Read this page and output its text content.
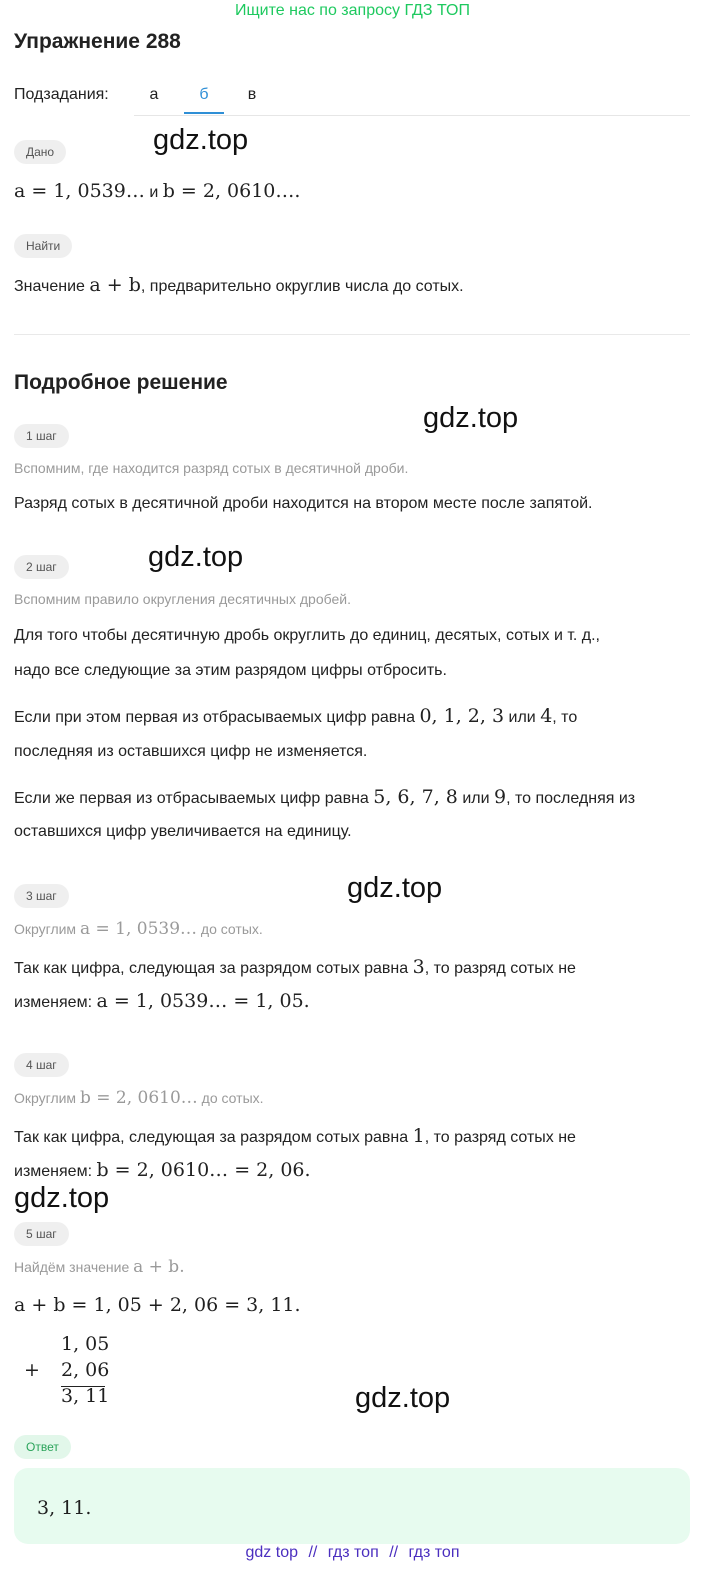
Ищите нас по запросу ГДЗ ТОП
Упражнение 288
Подзадания:	а	б	в
Дано	gdz.top
a = 1, 0539… и b = 2, 0610….
Найти
Значение a + b, предварительно округлив числа до сотых.
Подробное решение
gdz.top
1 шаг
Вспомним, где находится разряд сотых в десятичной дроби.
Разряд сотых в десятичной дроби находится на втором месте после запятой.
2 шаг	gdz.top
Вспомним правило округления десятичных дробей.
Для того чтобы десятичную дробь округлить до единиц, десятых, сотых и т. д.,
надо все следующие за этим разрядом цифры отбросить.
Если при этом первая из отбрасываемых цифр равна 0, 1, 2, 3 или 4, то
последняя из оставшихся цифр не изменяется.
Если же первая из отбрасываемых цифр равна 5, 6, 7, 8 или 9, то последняя из
оставшихся цифр увеличивается на единицу.
3 шаг	gdz.top
Округлим a = 1, 0539… до сотых.
Так как цифра, следующая за разрядом сотых равна 3, то разряд сотых не
изменяем: a = 1, 0539… = 1, 05.
4 шаг
Округлим b = 2, 0610… до сотых.
Так как цифра, следующая за разрядом сотых равна 1, то разряд сотых не
изменяем: b = 2, 0610… = 2, 06.
gdz.top
5 шаг
Найдём значение a + b.
a + b = 1, 05 + 2, 06 = 3, 11.
1, 05
+ 2, 06
3, 11	gdz.top
Ответ
3, 11.
gdz top // гдз топ // гдз топ
